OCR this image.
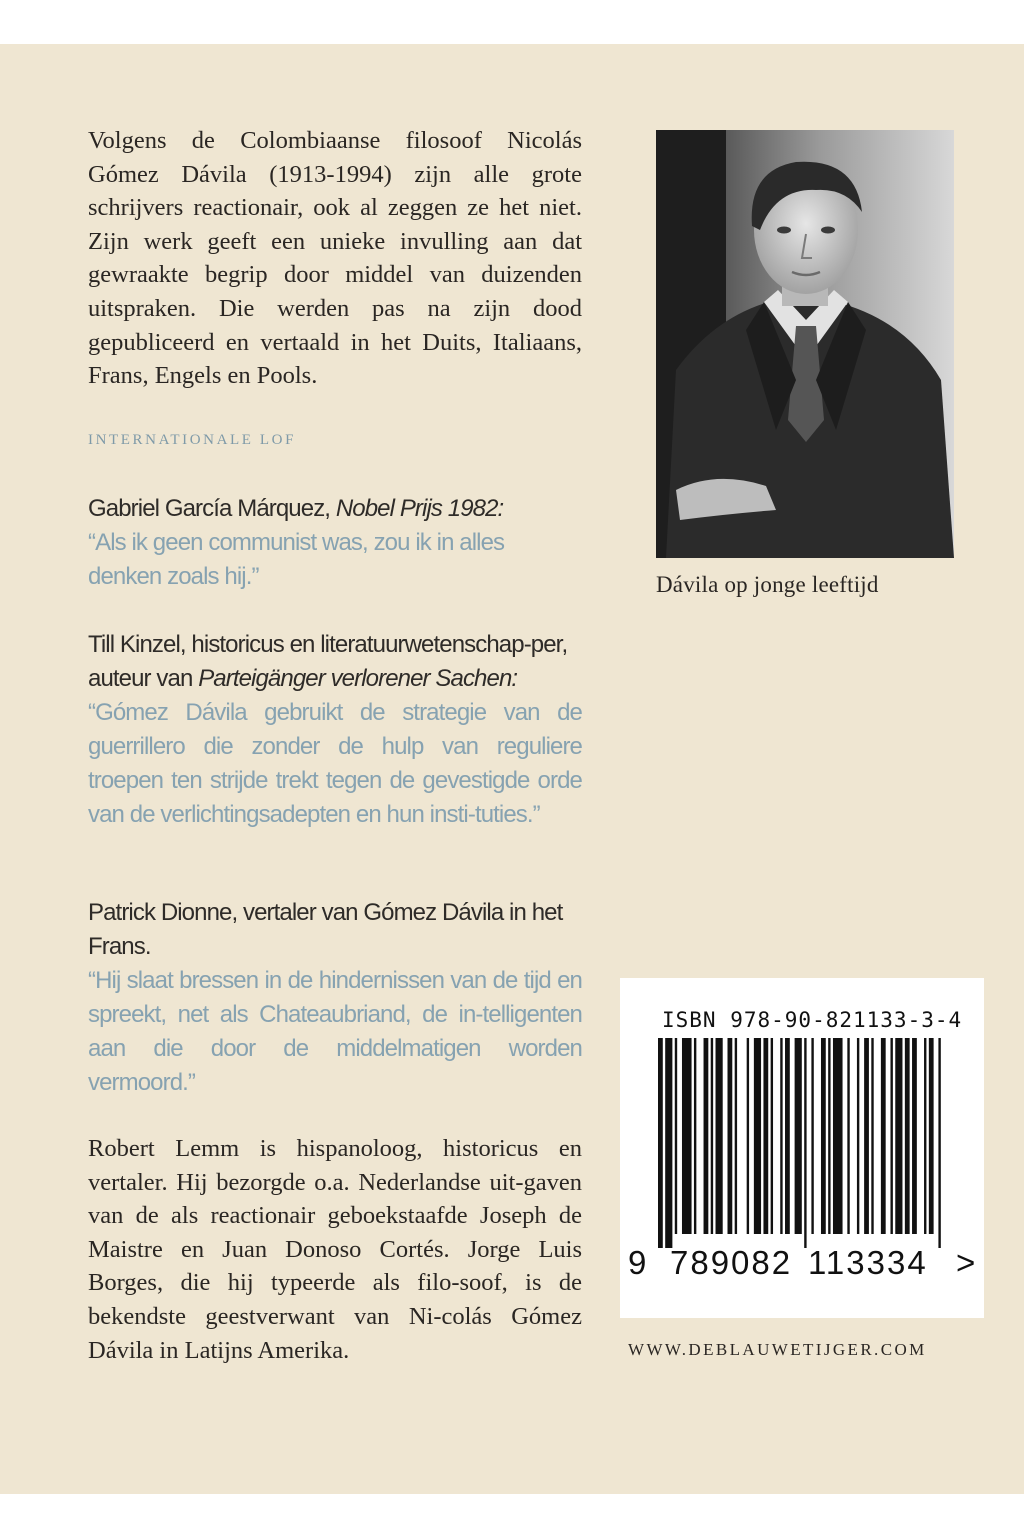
Volgens de Colombiaanse filosoof Nicolás Gómez Dávila (1913-1994) zijn alle grote schrijvers reactionair, ook al zeggen ze het niet. Zijn werk geeft een unieke invulling aan dat gewraakte begrip door middel van duizenden uitspraken. Die werden pas na zijn dood gepubliceerd en vertaald in het Duits, Italiaans, Frans, Engels en Pools.
INTERNATIONALE LOF
Gabriel García Márquez, Nobel Prijs 1982:
“Als ik geen communist was, zou ik in alles denken zoals hij.”
Till Kinzel, historicus en literatuurwetenschap-per, auteur van Parteigänger verlorener Sachen:
“Gómez Dávila gebruikt de strategie van de guerrillero die zonder de hulp van reguliere troepen ten strijde trekt tegen de gevestigde orde van de verlichtingsadepten en hun insti-tuties.”
Patrick Dionne, vertaler van Gómez Dávila in het Frans.
“Hij slaat bressen in de hindernissen van de tijd en spreekt, net als Chateaubriand, de in-telligenten aan die door de middelmatigen worden vermoord.”
Robert Lemm is hispanoloog, historicus en vertaler. Hij bezorgde o.a. Nederlandse uit-gaven van de als reactionair geboekstaafde Joseph de Maistre en Juan Donoso Cortés. Jorge Luis Borges, die hij typeerde als filo-soof, is de bekendste geestverwant van Ni-colás Gómez Dávila in Latijns Amerika.
Dávila op jonge leeftijd
ISBN 978-90-821133-3-4
9 789082 113334 >
WWW.DEBLAUWETIJGER.COM
